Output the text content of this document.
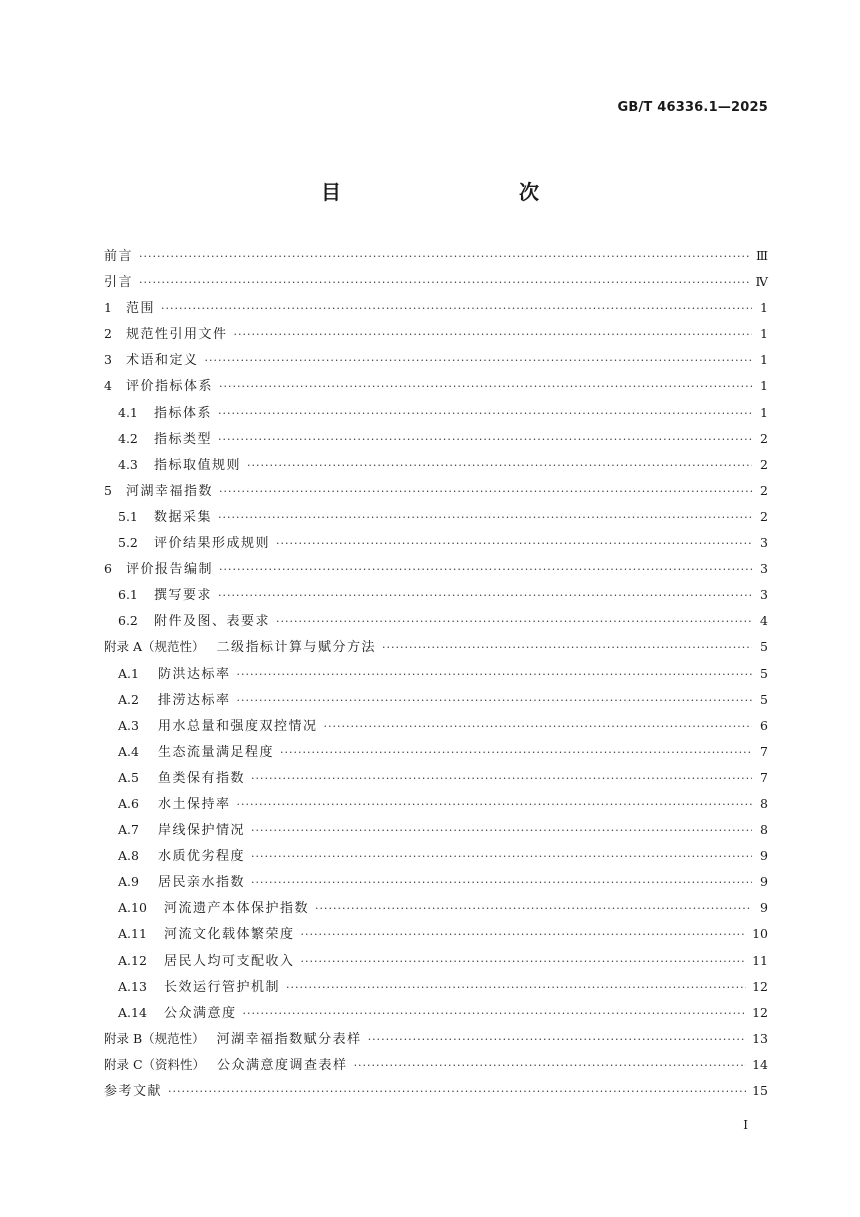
GB/T 46336.1—2025
目　　次
前言 ·····	Ⅲ
引言 ·····	Ⅳ
1	范围 ·····	1
2	规范性引用文件 ·····	1
3	术语和定义 ·····	1
4	评价指标体系 ·····	1
4.1	指标体系 ·····	1
4.2	指标类型 ·····	2
4.3	指标取值规则 ·····	2
5	河湖幸福指数 ·····	2
5.1	数据采集 ·····	2
5.2	评价结果形成规则 ·····	3
6	评价报告编制 ·····	3
6.1	撰写要求 ·····	3
6.2	附件及图、表要求 ·····	4
附录 A（规范性） 二级指标计算与赋分方法 ·····	5
A.1	防洪达标率 ·····	5
A.2	排涝达标率 ·····	5
A.3	用水总量和强度双控情况 ·····	6
A.4	生态流量满足程度 ·····	7
A.5	鱼类保有指数 ·····	7
A.6	水土保持率 ·····	8
A.7	岸线保护情况 ·····	8
A.8	水质优劣程度 ·····	9
A.9	居民亲水指数 ·····	9
A.10	河流遗产本体保护指数 ·····	9
A.11	河流文化载体繁荣度 ·····	10
A.12	居民人均可支配收入 ·····	11
A.13	长效运行管护机制 ·····	12
A.14	公众满意度 ·····	12
附录 B（规范性） 河湖幸福指数赋分表样 ·····	13
附录 C（资料性） 公众满意度调查表样 ·····	14
参考文献 ·····	15
Ⅰ
